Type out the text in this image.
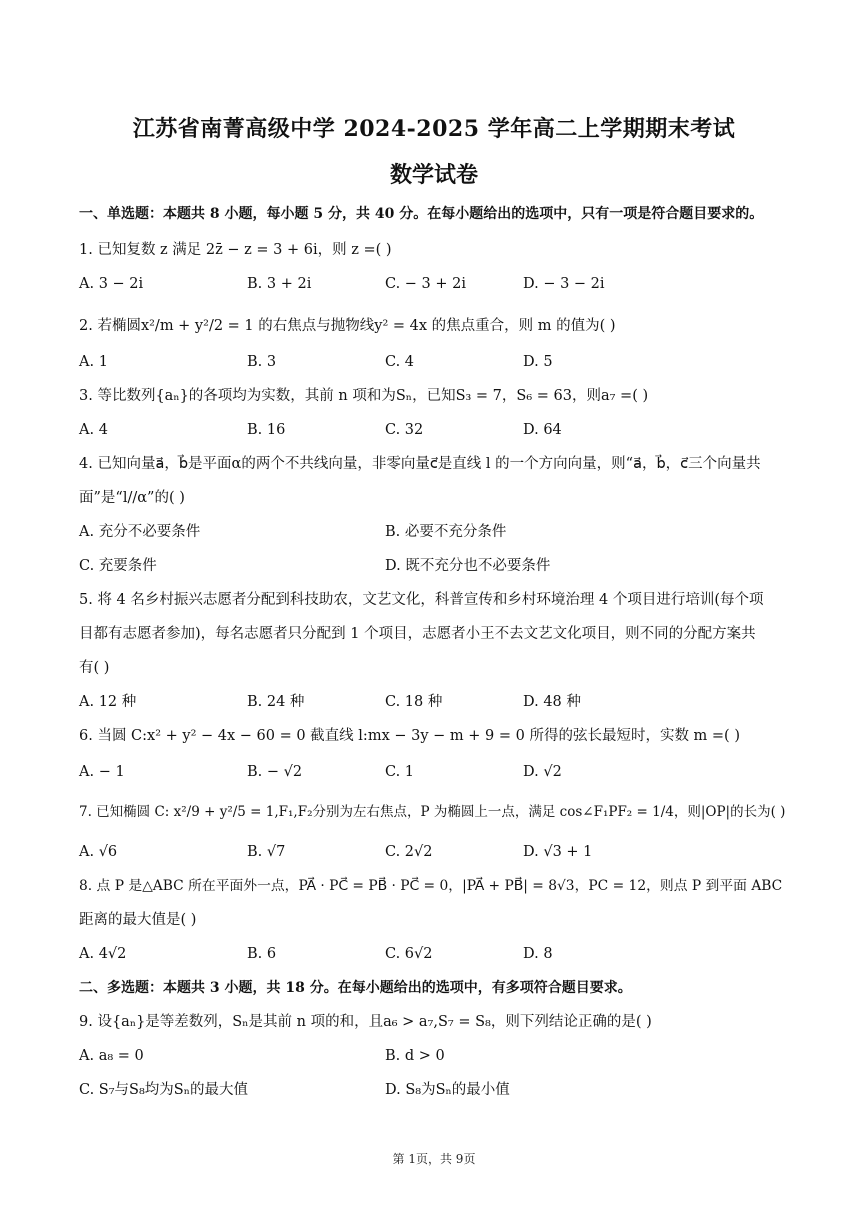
江苏省南菁高级中学 2024-2025 学年高二上学期期末考试
数学试卷
一、单选题：本题共 8 小题，每小题 5 分，共 40 分。在每小题给出的选项中，只有一项是符合题目要求的。
1. 已知复数 z 满足 2z̄ − z = 3 + 6i，则 z =( )
A. 3 − 2i	B. 3 + 2i	C. − 3 + 2i	D. − 3 − 2i
2. 若椭圆x²/m + y²/2 = 1 的右焦点与抛物线y² = 4x 的焦点重合，则 m 的值为( )
A. 1	B. 3	C. 4	D. 5
3. 等比数列{aₙ}的各项均为实数，其前 n 项和为Sₙ，已知S₃ = 7，S₆ = 63，则a₇ =( )
A. 4	B. 16	C. 32	D. 64
4. 已知向量a⃗，b⃗是平面α的两个不共线向量，非零向量c⃗是直线 l 的一个方向向量，则“a⃗，b⃗，c⃗三个向量共
面”是“l//α”的( )
A. 充分不必要条件	B. 必要不充分条件
C. 充要条件	D. 既不充分也不必要条件
5. 将 4 名乡村振兴志愿者分配到科技助农，文艺文化，科普宣传和乡村环境治理 4 个项目进行培训(每个项
目都有志愿者参加)，每名志愿者只分配到 1 个项目，志愿者小王不去文艺文化项目，则不同的分配方案共
有( )
A. 12 种	B. 24 种	C. 18 种	D. 48 种
6. 当圆 C:x² + y² − 4x − 60 = 0 截直线 l:mx − 3y − m + 9 = 0 所得的弦长最短时，实数 m =( )
A. − 1	B. − √2	C. 1	D. √2
7. 已知椭圆 C: x²/9 + y²/5 = 1,F₁,F₂分别为左右焦点，P 为椭圆上一点，满足 cos∠F₁PF₂ = 1/4，则|OP|的长为( )
A. √6	B. √7	C. 2√2	D. √3 + 1
8. 点 P 是△ABC 所在平面外一点，PA⃗ · PC⃗ = PB⃗ · PC⃗ = 0，|PA⃗ + PB⃗| = 8√3，PC = 12，则点 P 到平面 ABC
距离的最大值是( )
A. 4√2	B. 6	C. 6√2	D. 8
二、多选题：本题共 3 小题，共 18 分。在每小题给出的选项中，有多项符合题目要求。
9. 设{aₙ}是等差数列，Sₙ是其前 n 项的和，且a₆ > a₇,S₇ = S₈，则下列结论正确的是( )
A. a₈ = 0	B. d > 0
C. S₇与S₈均为Sₙ的最大值	D. S₈为Sₙ的最小值
第 1页，共 9页
